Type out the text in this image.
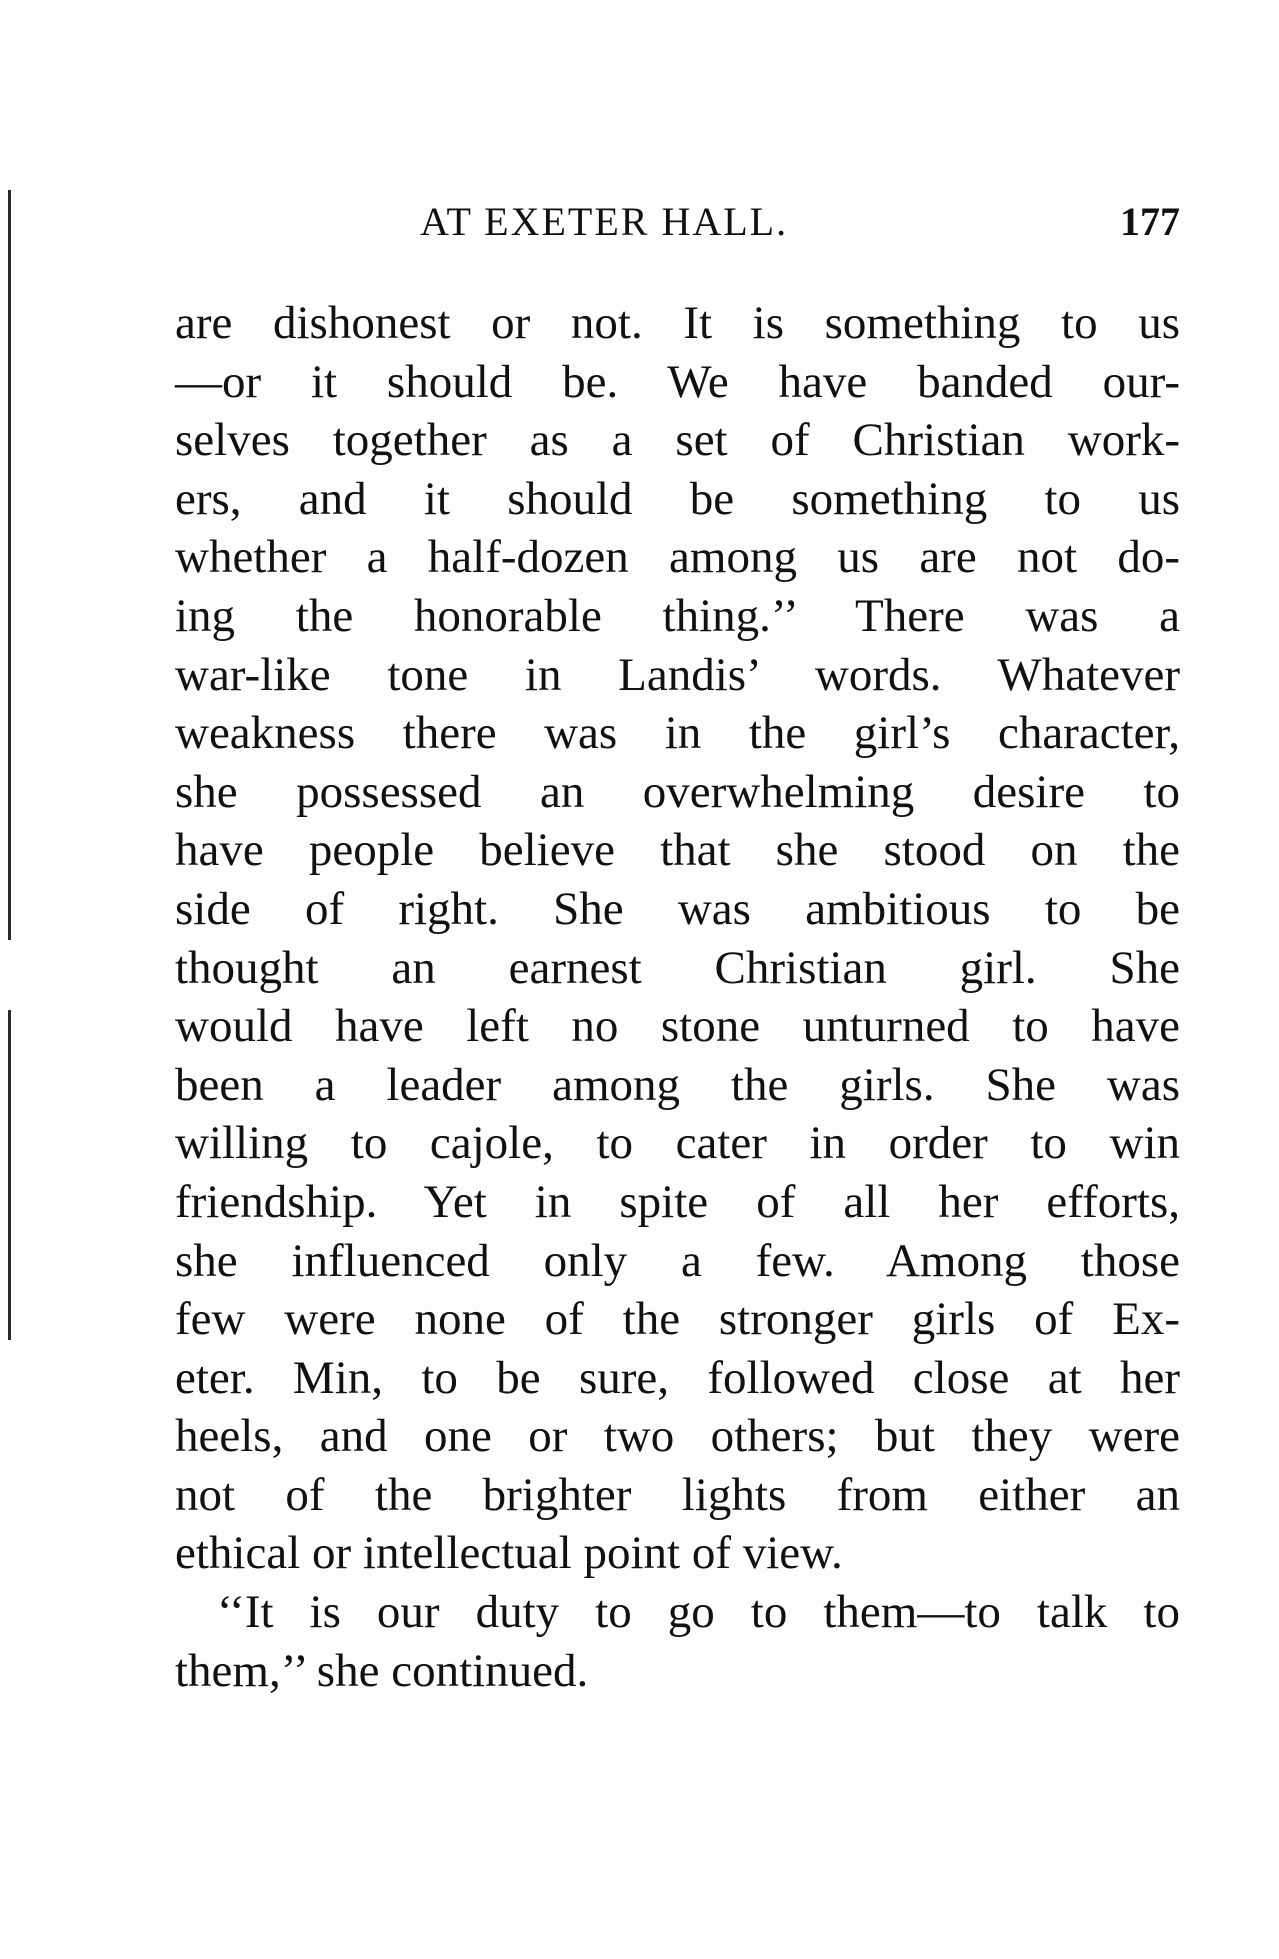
AT EXETER HALL.	177
are dishonest or not. It is something to us
—or it should be. We have banded our-
selves together as a set of Christian work-
ers, and it should be something to us
whether a half-dozen among us are not do-
ing the honorable thing.’’ There was a
war-like tone in Landis’ words. Whatever
weakness there was in the girl’s character,
she possessed an overwhelming desire to
have people believe that she stood on the
side of right. She was ambitious to be
thought an earnest Christian girl. She
would have left no stone unturned to have
been a leader among the girls. She was
willing to cajole, to cater in order to win
friendship. Yet in spite of all her efforts,
she influenced only a few. Among those
few were none of the stronger girls of Ex-
eter. Min, to be sure, followed close at her
heels, and one or two others; but they were
not of the brighter lights from either an
ethical or intellectual point of view.
‘‘It is our duty to go to them—to talk to
them,’’ she continued.
